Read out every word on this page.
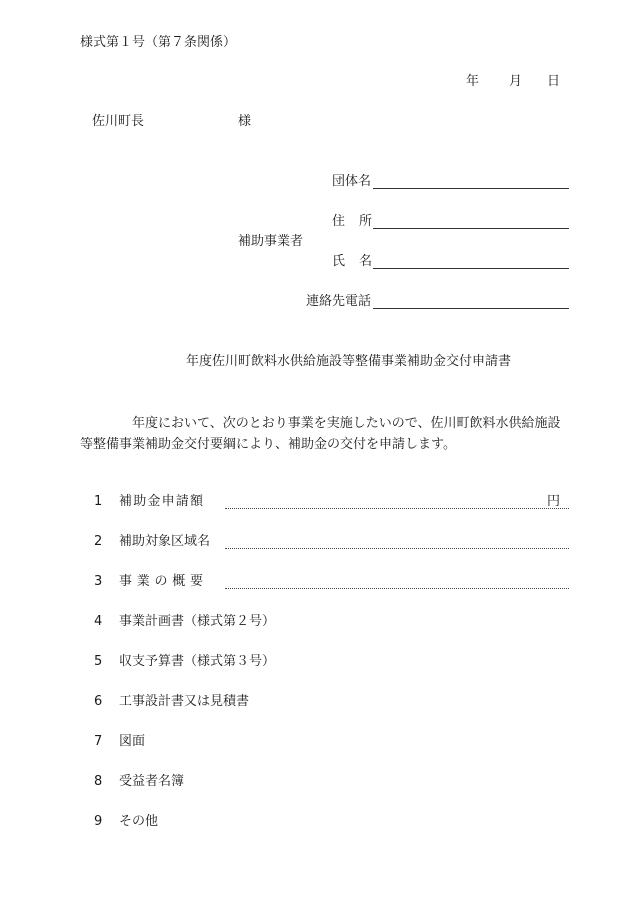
様式第１号（第７条関係）
年 月 日
佐川町長	様
団体名
住所
補助事業者
氏名
連絡先電話
年度佐川町飲料水供給施設等整備事業補助金交付申請書
年度において、次のとおり事業を実施したいので、佐川町飲料水供給施設等整備事業補助金交付要綱により、補助金の交付を申請します。
1 補助金申請額	円
2 補助対象区域名
3 事業の概要
4 事業計画書（様式第２号）
5 収支予算書（様式第３号）
6 工事設計書又は見積書
7 図面
8 受益者名簿
9 その他
